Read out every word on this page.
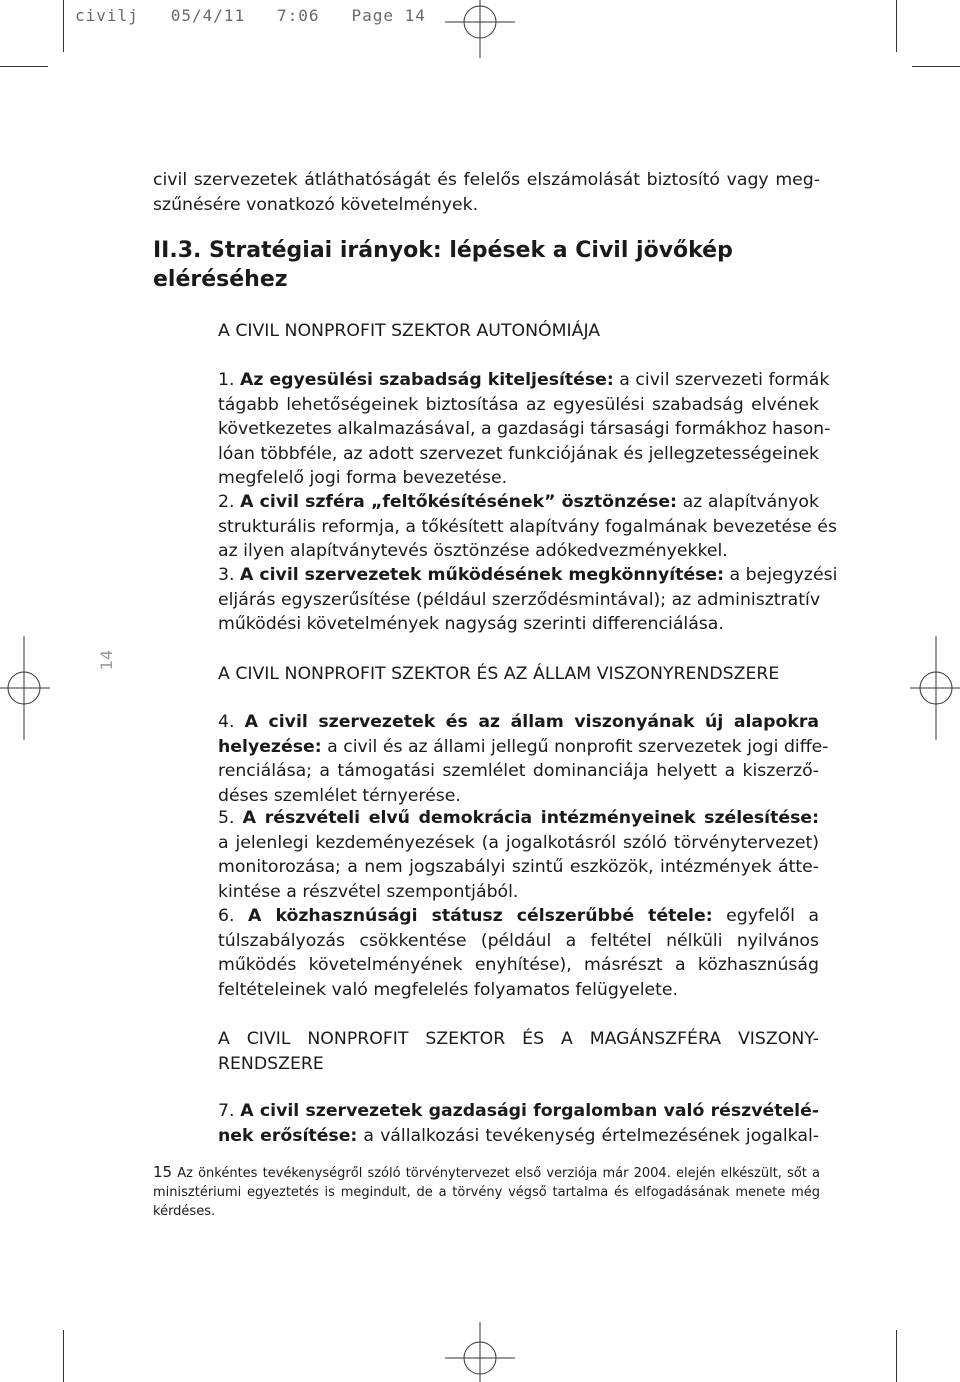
civilj   05/4/11   7:06   Page 14
14
civil szervezetek átláthatóságát és felelős elszámolását biztosító vagy meg-
szűnésére vonatkozó követelmények.
II.3. Stratégiai irányok: lépések a Civil jövőkép
eléréséhez
A CIVIL NONPROFIT SZEKTOR AUTONÓMIÁJA
1. Az egyesülési szabadság kiteljesítése: a civil szervezeti formák
tágabb lehetőségeinek biztosítása az egyesülési szabadság elvének
következetes alkalmazásával, a gazdasági társasági formákhoz hason-
lóan többféle, az adott szervezet funkciójának és jellegzetességeinek
megfelelő jogi forma bevezetése.
2. A civil szféra „feltőkésítésének” ösztönzése: az alapítványok
strukturális reformja, a tőkésített alapítvány fogalmának bevezetése és
az ilyen alapítványtevés ösztönzése adókedvezményekkel.
3. A civil szervezetek működésének megkönnyítése: a bejegyzési
eljárás egyszerűsítése (például szerződésmintával); az adminisztratív
működési követelmények nagyság szerinti differenciálása.
A CIVIL NONPROFIT SZEKTOR ÉS AZ ÁLLAM VISZONYRENDSZERE
4. A civil szervezetek és az állam viszonyának új alapokra
helyezése: a civil és az állami jellegű nonprofit szervezetek jogi diffe-
renciálása; a támogatási szemlélet dominanciája helyett a kiszerző-
déses szemlélet térnyerése.
5. A részvételi elvű demokrácia intézményeinek szélesítése:
a jelenlegi kezdeményezések (a jogalkotásról szóló törvénytervezet)
monitorozása; a nem jogszabályi szintű eszközök, intézmények átte-
kintése a részvétel szempontjából.
6. A közhasznúsági státusz célszerűbbé tétele: egyfelől a
túlszabályozás csökkentése (például a feltétel nélküli nyilvános
működés követelményének enyhítése), másrészt a közhasznúság
feltételeinek való megfelelés folyamatos felügyelete.
A CIVIL NONPROFIT SZEKTOR ÉS A MAGÁNSZFÉRA VISZONY-
RENDSZERE
7. A civil szervezetek gazdasági forgalomban való részvételé-
nek erősítése: a vállalkozási tevékenység értelmezésének jogalkal-
15 Az önkéntes tevékenységről szóló törvénytervezet első verziója már 2004. elején elkészült, sőt a
minisztériumi egyeztetés is megindult, de a törvény végső tartalma és elfogadásának menete még
kérdéses.
